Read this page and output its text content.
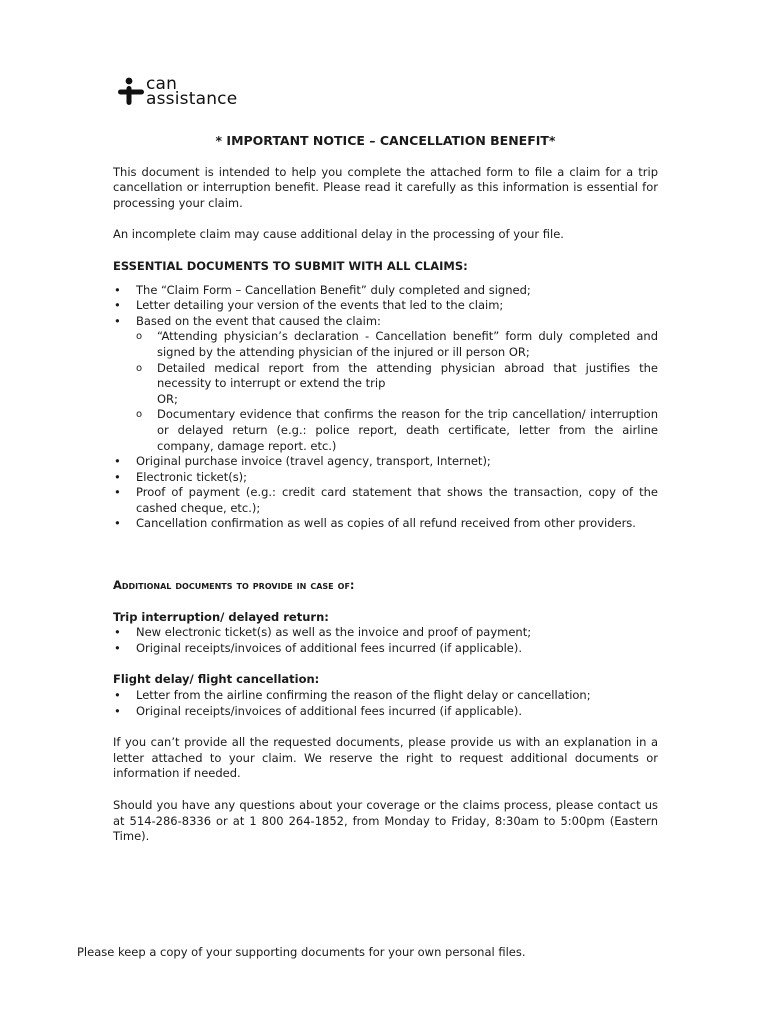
can
assistance
* IMPORTANT NOTICE – CANCELLATION BENEFIT*

This document is intended to help you complete the attached form to file a claim for a trip cancellation or interruption benefit. Please read it carefully as this information is essential for processing your claim.

An incomplete claim may cause additional delay in the processing of your file.

ESSENTIAL DOCUMENTS TO SUBMIT WITH ALL CLAIMS:
• The “Claim Form – Cancellation Benefit” duly completed and signed;
• Letter detailing your version of the events that led to the claim;
• Based on the event that caused the claim:
o “Attending physician’s declaration - Cancellation benefit” form duly completed and signed by the attending physician of the injured or ill person OR;
o Detailed medical report from the attending physician abroad that justifies the necessity to interrupt or extend the trip
OR;
o Documentary evidence that confirms the reason for the trip cancellation/ interruption or delayed return (e.g.: police report, death certificate, letter from the airline company, damage report. etc.)
• Original purchase invoice (travel agency, transport, Internet);
• Electronic ticket(s);
• Proof of payment (e.g.: credit card statement that shows the transaction, copy of the cashed cheque, etc.);
• Cancellation confirmation as well as copies of all refund received from other providers.
Additional documents to provide in case of:
Trip interruption/ delayed return:
• New electronic ticket(s) as well as the invoice and proof of payment;
• Original receipts/invoices of additional fees incurred (if applicable).
Flight delay/ flight cancellation:
• Letter from the airline confirming the reason of the flight delay or cancellation;
• Original receipts/invoices of additional fees incurred (if applicable).

If you can’t provide all the requested documents, please provide us with an explanation in a letter attached to your claim. We reserve the right to request additional documents or information if needed.

Should you have any questions about your coverage or the claims process, please contact us at 514-286-8336 or at 1 800 264-1852, from Monday to Friday, 8:30am to 5:00pm (Eastern Time).

Please keep a copy of your supporting documents for your own personal files.
